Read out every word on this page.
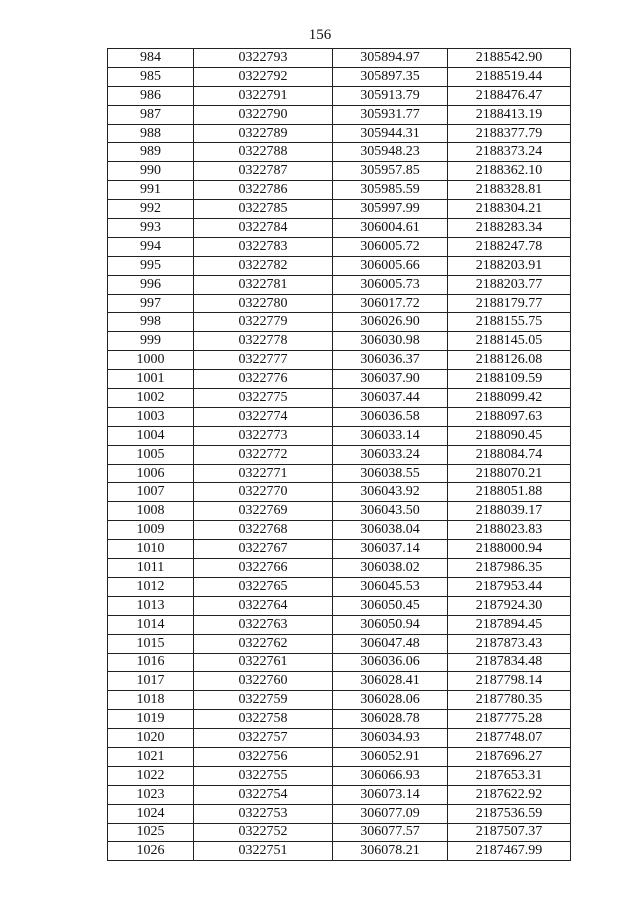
156
984	0322793	305894.97	2188542.90
985	0322792	305897.35	2188519.44
986	0322791	305913.79	2188476.47
987	0322790	305931.77	2188413.19
988	0322789	305944.31	2188377.79
989	0322788	305948.23	2188373.24
990	0322787	305957.85	2188362.10
991	0322786	305985.59	2188328.81
992	0322785	305997.99	2188304.21
993	0322784	306004.61	2188283.34
994	0322783	306005.72	2188247.78
995	0322782	306005.66	2188203.91
996	0322781	306005.73	2188203.77
997	0322780	306017.72	2188179.77
998	0322779	306026.90	2188155.75
999	0322778	306030.98	2188145.05
1000	0322777	306036.37	2188126.08
1001	0322776	306037.90	2188109.59
1002	0322775	306037.44	2188099.42
1003	0322774	306036.58	2188097.63
1004	0322773	306033.14	2188090.45
1005	0322772	306033.24	2188084.74
1006	0322771	306038.55	2188070.21
1007	0322770	306043.92	2188051.88
1008	0322769	306043.50	2188039.17
1009	0322768	306038.04	2188023.83
1010	0322767	306037.14	2188000.94
1011	0322766	306038.02	2187986.35
1012	0322765	306045.53	2187953.44
1013	0322764	306050.45	2187924.30
1014	0322763	306050.94	2187894.45
1015	0322762	306047.48	2187873.43
1016	0322761	306036.06	2187834.48
1017	0322760	306028.41	2187798.14
1018	0322759	306028.06	2187780.35
1019	0322758	306028.78	2187775.28
1020	0322757	306034.93	2187748.07
1021	0322756	306052.91	2187696.27
1022	0322755	306066.93	2187653.31
1023	0322754	306073.14	2187622.92
1024	0322753	306077.09	2187536.59
1025	0322752	306077.57	2187507.37
1026	0322751	306078.21	2187467.99
